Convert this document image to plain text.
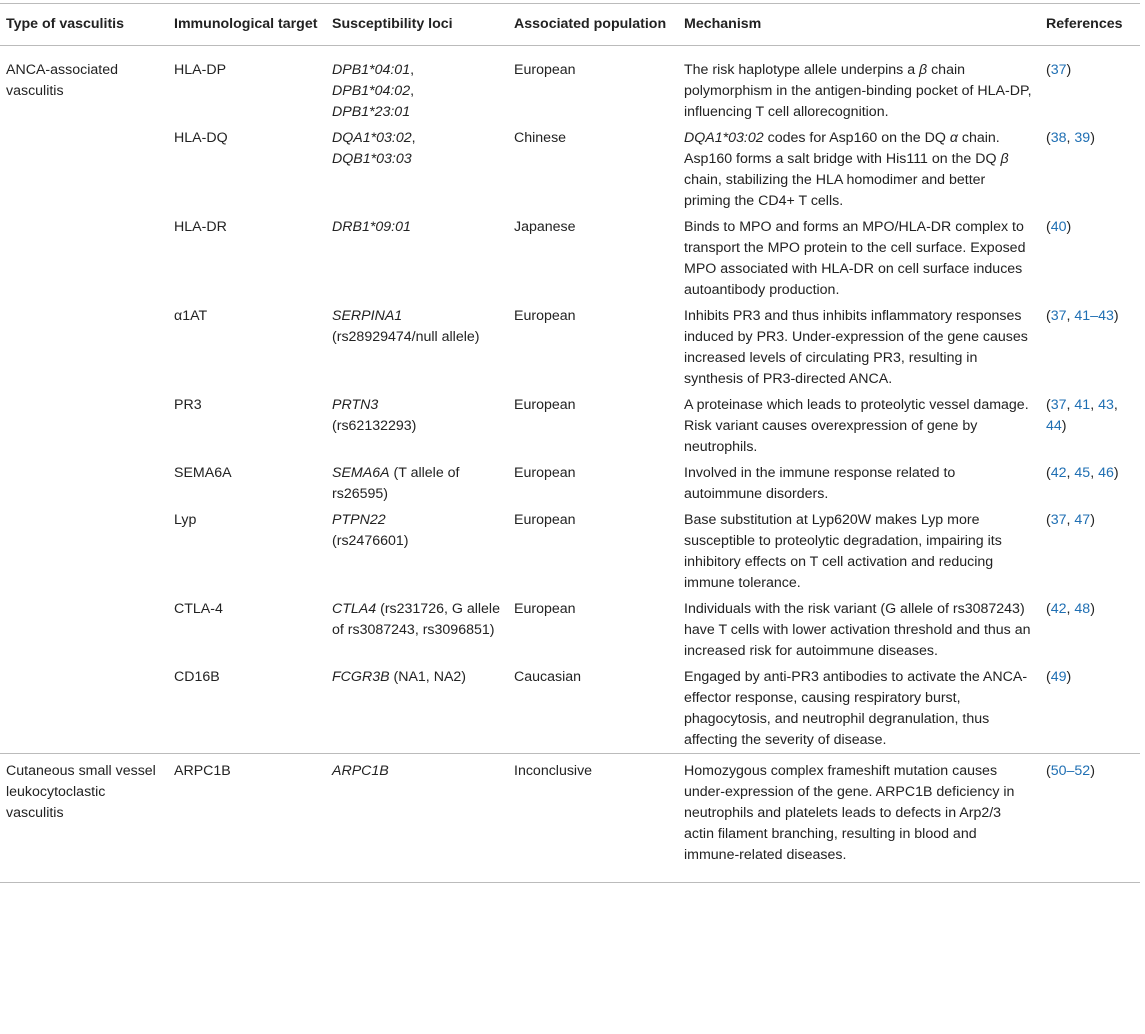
Type of vasculitis	Immunological target	Susceptibility loci	Associated population	Mechanism	References
ANCA-associated vasculitis	HLA-DP	DPB1*04:01,
DPB1*04:02,
DPB1*23:01	European	The risk haplotype allele underpins a β chain polymorphism in the antigen-binding pocket of HLA-DP, influencing T cell allorecognition.	(37)
	HLA-DQ	DQA1*03:02,
DQB1*03:03	Chinese	DQA1*03:02 codes for Asp160 on the DQ α chain. Asp160 forms a salt bridge with His111 on the DQ β chain, stabilizing the HLA homodimer and better priming the CD4+ T cells.	(38, 39)
	HLA-DR	DRB1*09:01	Japanese	Binds to MPO and forms an MPO/HLA-DR complex to transport the MPO protein to the cell surface. Exposed MPO associated with HLA-DR on cell surface induces autoantibody production.	(40)
	α1AT	SERPINA1
(rs28929474/null allele)	European	Inhibits PR3 and thus inhibits inflammatory responses induced by PR3. Under-expression of the gene causes increased levels of circulating PR3, resulting in synthesis of PR3-directed ANCA.	(37, 41–43)
	PR3	PRTN3
(rs62132293)	European	A proteinase which leads to proteolytic vessel damage. Risk variant causes overexpression of gene by neutrophils.	(37, 41, 43, 44)
	SEMA6A	SEMA6A (T allele of rs26595)	European	Involved in the immune response related to autoimmune disorders.	(42, 45, 46)
	Lyp	PTPN22
(rs2476601)	European	Base substitution at Lyp620W makes Lyp more susceptible to proteolytic degradation, impairing its inhibitory effects on T cell activation and reducing immune tolerance.	(37, 47)
	CTLA-4	CTLA4 (rs231726, G allele of rs3087243, rs3096851)	European	Individuals with the risk variant (G allele of rs3087243) have T cells with lower activation threshold and thus an increased risk for autoimmune diseases.	(42, 48)
	CD16B	FCGR3B (NA1, NA2)	Caucasian	Engaged by anti-PR3 antibodies to activate the ANCA-effector response, causing respiratory burst, phagocytosis, and neutrophil degranulation, thus affecting the severity of disease.	(49)
Cutaneous small vessel leukocytoclastic vasculitis	ARPC1B	ARPC1B	Inconclusive	Homozygous complex frameshift mutation causes under-expression of the gene. ARPC1B deficiency in neutrophils and platelets leads to defects in Arp2/3 actin filament branching, resulting in blood and immune-related diseases.	(50–52)
